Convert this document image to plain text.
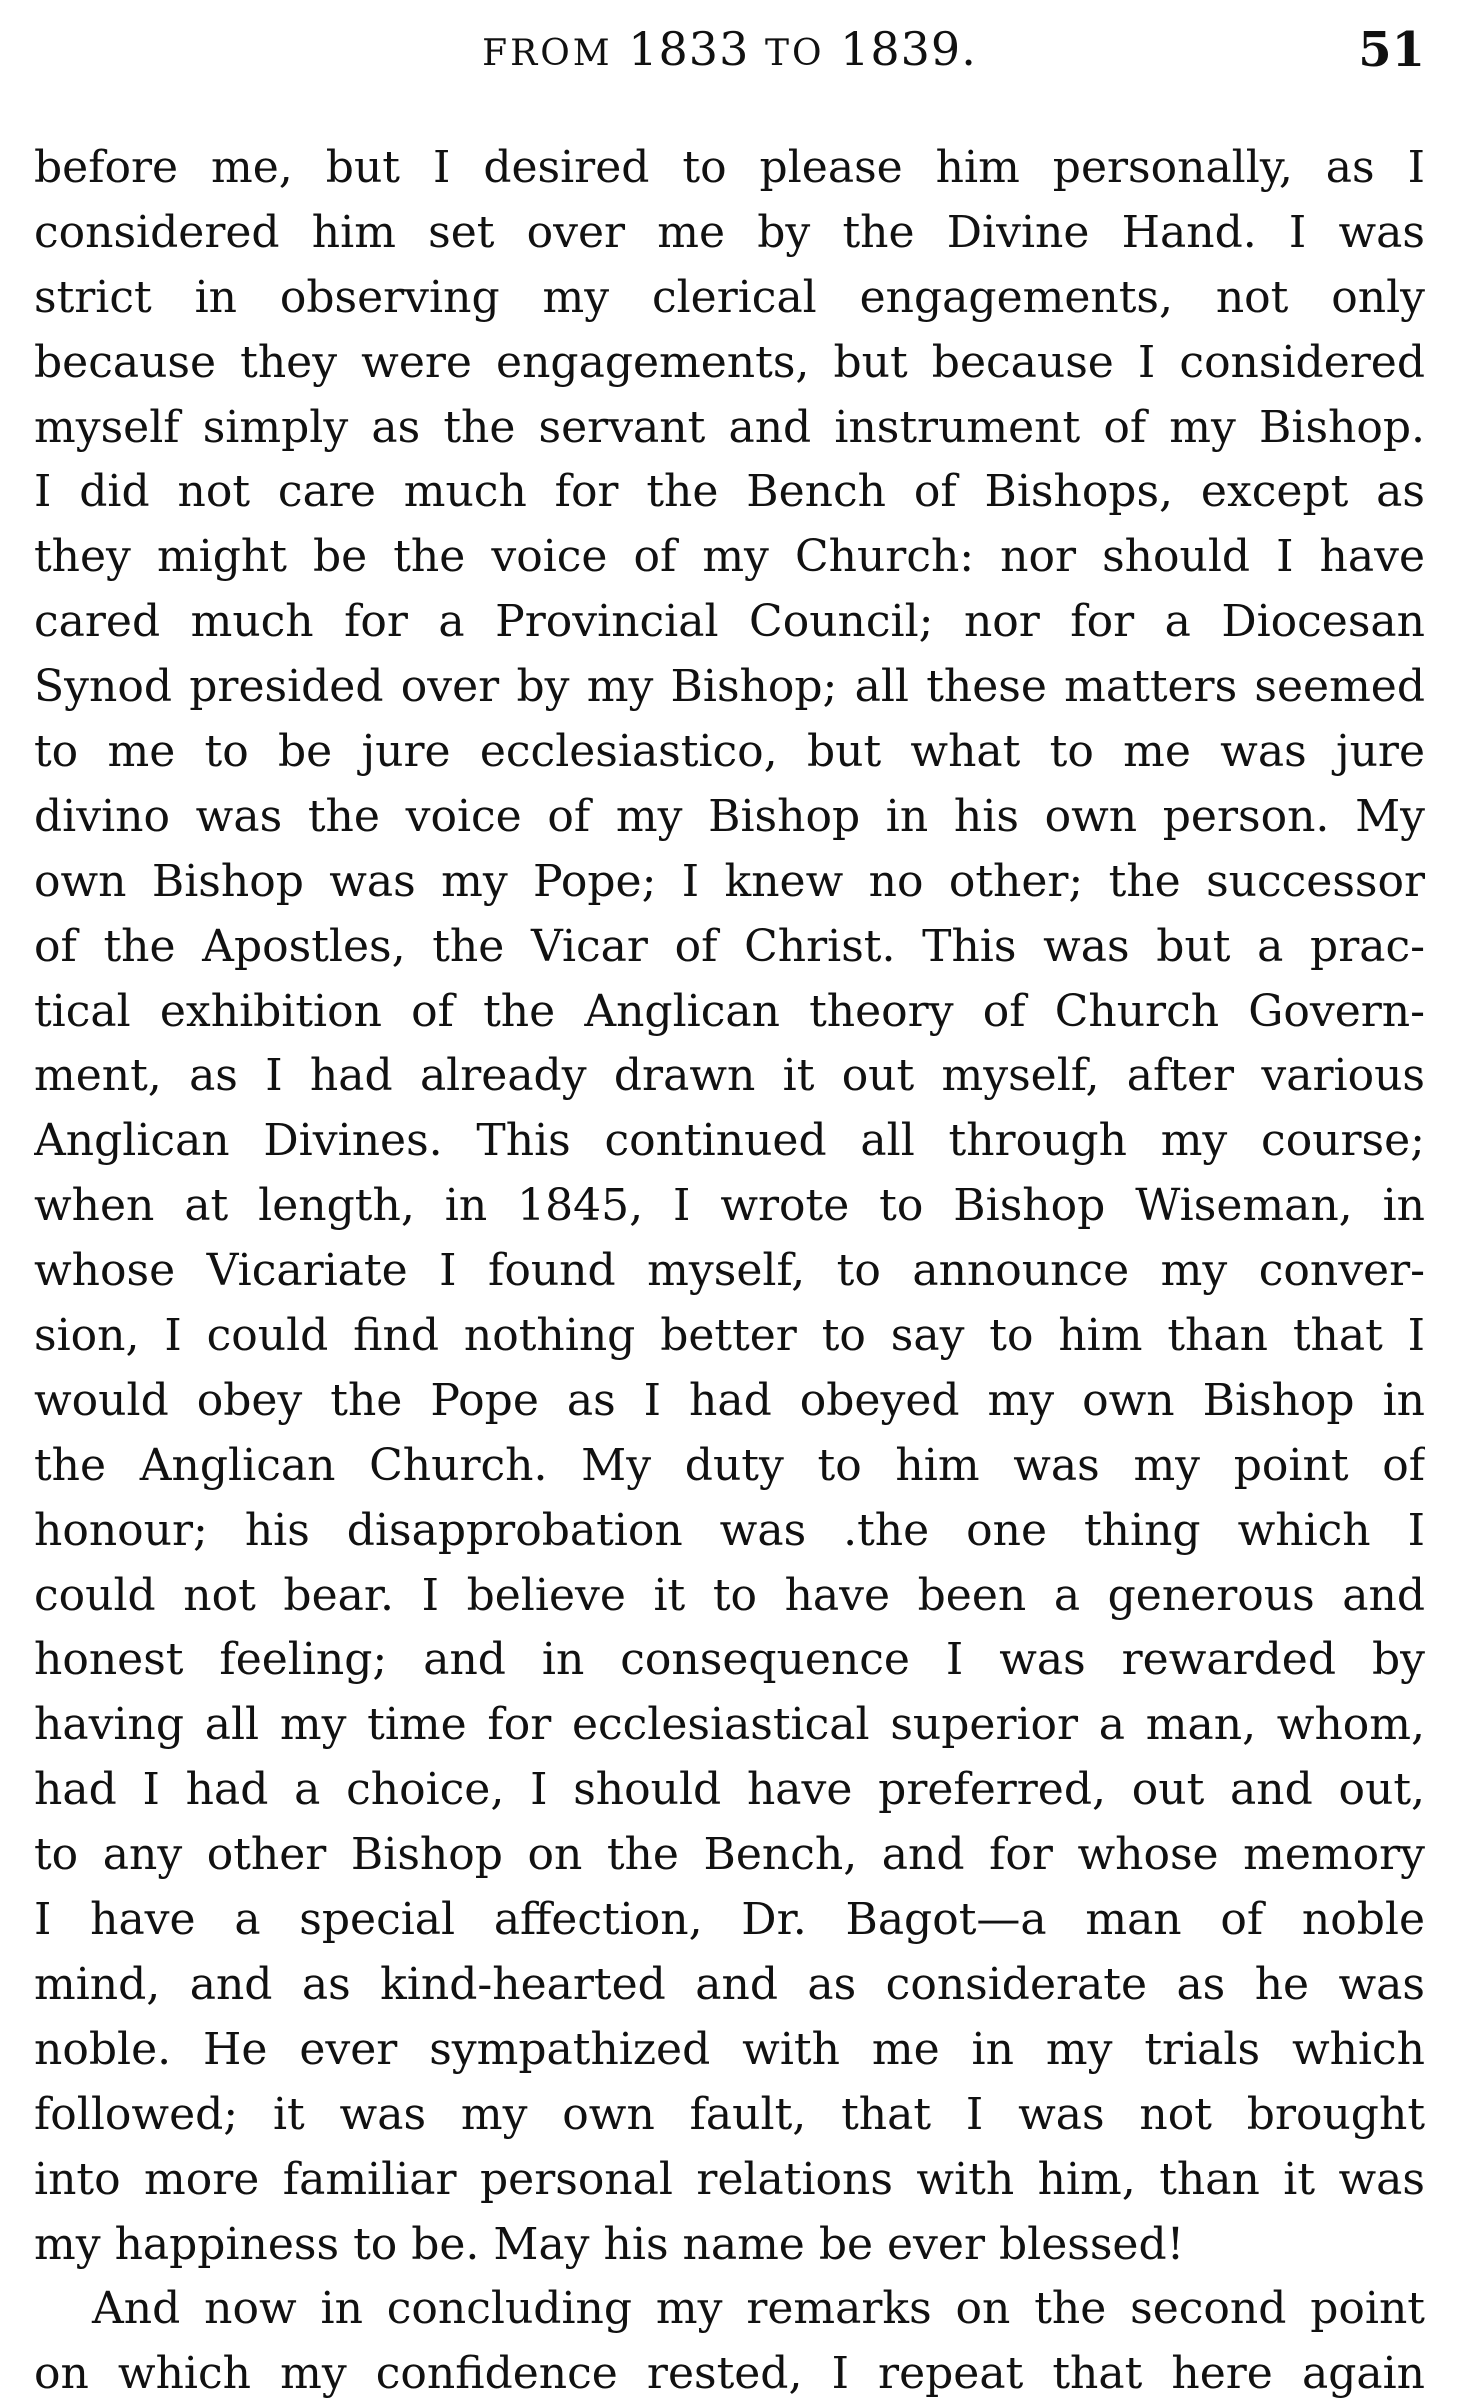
FROM 1833 TO 1839.	51
before me, but I desired to please him personally, as I
considered him set over me by the Divine Hand. I was
strict in observing my clerical engagements, not only
because they were engagements, but because I considered
myself simply as the servant and instrument of my Bishop.
I did not care much for the Bench of Bishops, except as
they might be the voice of my Church: nor should I have
cared much for a Provincial Council; nor for a Diocesan
Synod presided over by my Bishop; all these matters seemed
to me to be jure ecclesiastico, but what to me was jure
divino was the voice of my Bishop in his own person. My
own Bishop was my Pope; I knew no other; the successor
of the Apostles, the Vicar of Christ. This was but a prac-
tical exhibition of the Anglican theory of Church Govern-
ment, as I had already drawn it out myself, after various
Anglican Divines. This continued all through my course;
when at length, in 1845, I wrote to Bishop Wiseman, in
whose Vicariate I found myself, to announce my conver-
sion, I could find nothing better to say to him than that I
would obey the Pope as I had obeyed my own Bishop in
the Anglican Church. My duty to him was my point of
honour; his disapprobation was .the one thing which I
could not bear. I believe it to have been a generous and
honest feeling; and in consequence I was rewarded by
having all my time for ecclesiastical superior a man, whom,
had I had a choice, I should have preferred, out and out,
to any other Bishop on the Bench, and for whose memory
I have a special affection, Dr. Bagot—a man of noble
mind, and as kind-hearted and as considerate as he was
noble. He ever sympathized with me in my trials which
followed; it was my own fault, that I was not brought
into more familiar personal relations with him, than it was
my happiness to be. May his name be ever blessed!
And now in concluding my remarks on the second point
on which my confidence rested, I repeat that here again
